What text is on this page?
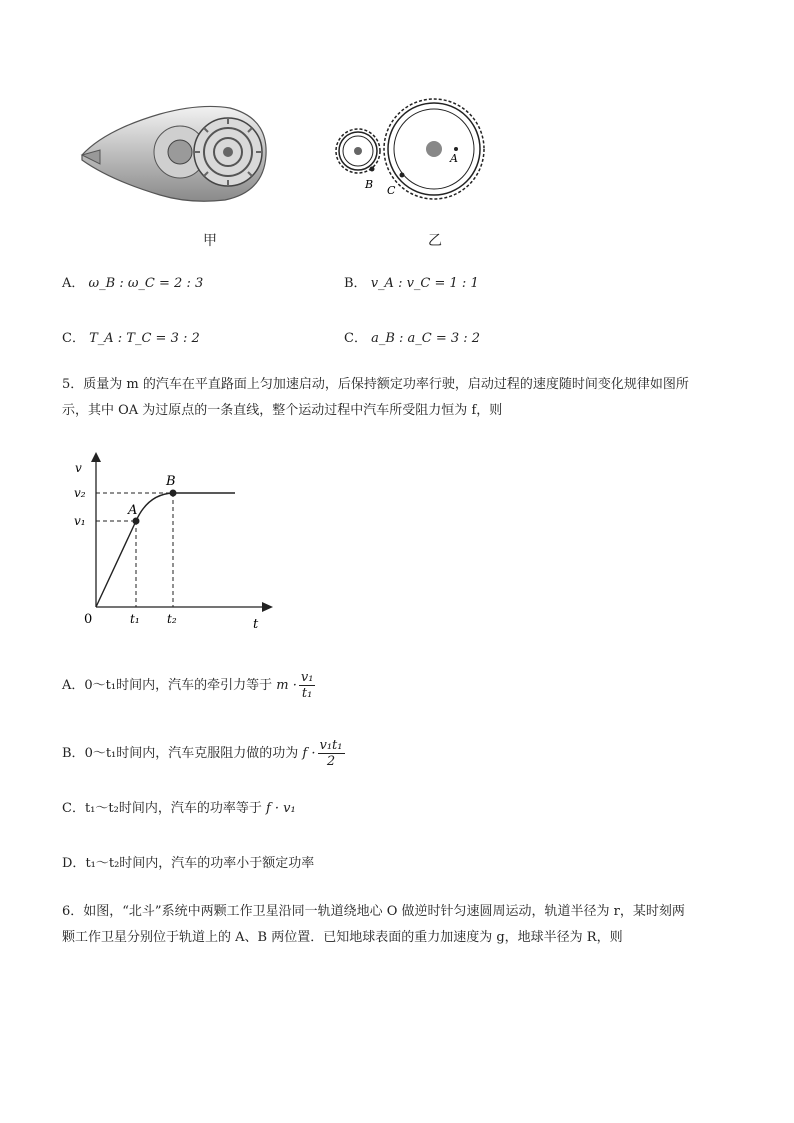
A
B C
甲	乙
A． ω_B : ω_C = 2 : 3	B． v_A : v_C = 1 : 1
C． T_A : T_C = 3 : 2	C． a_B : a_C = 3 : 2
5．质量为 m 的汽车在平直路面上匀加速启动，后保持额定功率行驶，启动过程的速度随时间变化规律如图所
示，其中 OA 为过原点的一条直线，整个运动过程中汽车所受阻力恒为 f，则
v
v₂
v₁
A
B
0	t₁ t₂	t
A．0～t₁时间内，汽车的牵引力等于 $m \cdot \frac{\text{v₁}}{\text{t₁}}$
B．0～t₁时间内，汽车克服阻力做的功为 $f \cdot \frac{\text{v₁t₁}}{2}$
C．t₁～t₂时间内，汽车的功率等于 f · v₁
D．t₁～t₂时间内，汽车的功率小于额定功率
6．如图，“北斗”系统中两颗工作卫星沿同一轨道绕地心 O 做逆时针匀速圆周运动，轨道半径为 r，某时刻两
颗工作卫星分别位于轨道上的 A、B 两位置．已知地球表面的重力加速度为 g，地球半径为 R，则
